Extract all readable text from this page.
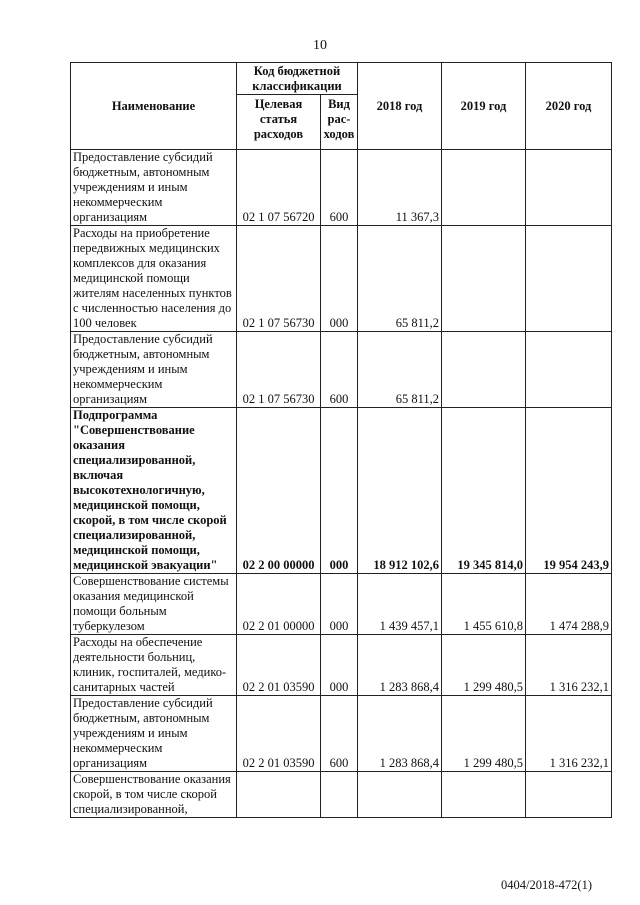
10
Наименование	Код бюджетной классификации		2018 год	2019 год	2020 год
	Целевая статья расходов	Вид рас-ходов			
Предоставление субсидий бюджетным, автономным учреждениям и иным некоммерческим организациям	02 1 07 56720	600	11 367,3		
Расходы на приобретение передвижных медицинских комплексов для оказания медицинской помощи жителям населенных пунктов с численностью населения до 100 человек	02 1 07 56730	000	65 811,2		
Предоставление субсидий бюджетным, автономным учреждениям и иным некоммерческим организациям	02 1 07 56730	600	65 811,2		
Подпрограмма "Совершенствование оказания специализированной, включая высокотехнологичную, медицинской помощи, скорой, в том числе скорой специализированной, медицинской помощи, медицинской эвакуации"	02 2 00 00000	000	18 912 102,6	19 345 814,0	19 954 243,9
Совершенствование системы оказания медицинской помощи больным туберкулезом	02 2 01 00000	000	1 439 457,1	1 455 610,8	1 474 288,9
Расходы на обеспечение деятельности больниц, клиник, госпиталей, медико-санитарных частей	02 2 01 03590	000	1 283 868,4	1 299 480,5	1 316 232,1
Предоставление субсидий бюджетным, автономным учреждениям и иным некоммерческим организациям	02 2 01 03590	600	1 283 868,4	1 299 480,5	1 316 232,1
Совершенствование оказания скорой, в том числе скорой специализированной,					
0404/2018-472(1)
